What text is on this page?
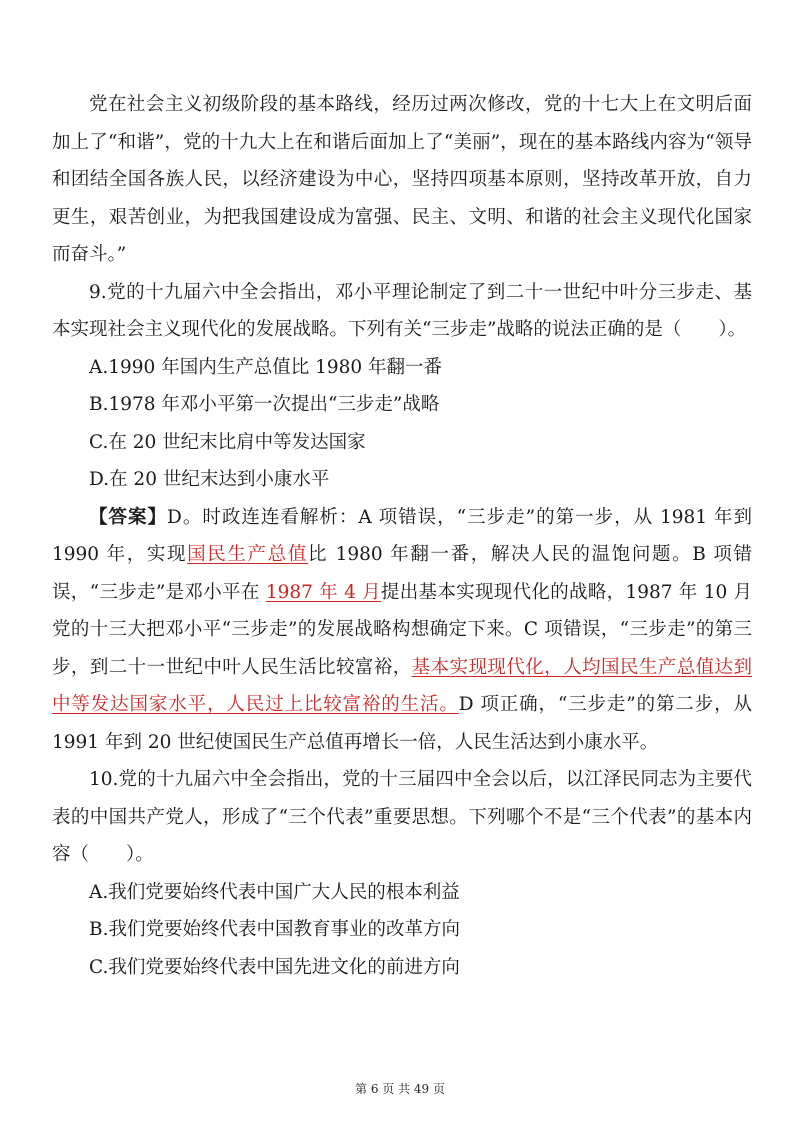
党在社会主义初级阶段的基本路线，经历过两次修改，党的十七大上在文明后面加上了“和谐”，党的十九大上在和谐后面加上了“美丽”，现在的基本路线内容为“领导和团结全国各族人民，以经济建设为中心，坚持四项基本原则，坚持改革开放，自力更生，艰苦创业，为把我国建设成为富强、民主、文明、和谐的社会主义现代化国家而奋斗。”

9.党的十九届六中全会指出，邓小平理论制定了到二十一世纪中叶分三步走、基本实现社会主义现代化的发展战略。下列有关“三步走”战略的说法正确的是（　　）。

A.1990 年国内生产总值比 1980 年翻一番

B.1978 年邓小平第一次提出“三步走”战略

C.在 20 世纪末比肩中等发达国家

D.在 20 世纪末达到小康水平

【答案】D。时政连连看解析：A 项错误，“三步走”的第一步，从 1981 年到 1990 年，实现国民生产总值比 1980 年翻一番，解决人民的温饱问题。B 项错误，“三步走”是邓小平在 1987 年 4 月提出基本实现现代化的战略，1987 年 10 月党的十三大把邓小平“三步走”的发展战略构想确定下来。C 项错误，“三步走”的第三步，到二十一世纪中叶人民生活比较富裕，基本实现现代化，人均国民生产总值达到中等发达国家水平，人民过上比较富裕的生活。D 项正确，“三步走”的第二步，从 1991 年到 20 世纪使国民生产总值再增长一倍，人民生活达到小康水平。

10.党的十九届六中全会指出，党的十三届四中全会以后，以江泽民同志为主要代表的中国共产党人，形成了“三个代表”重要思想。下列哪个不是“三个代表”的基本内容（　　）。

A.我们党要始终代表中国广大人民的根本利益

B.我们党要始终代表中国教育事业的改革方向

C.我们党要始终代表中国先进文化的前进方向

第 6 页 共 49 页
